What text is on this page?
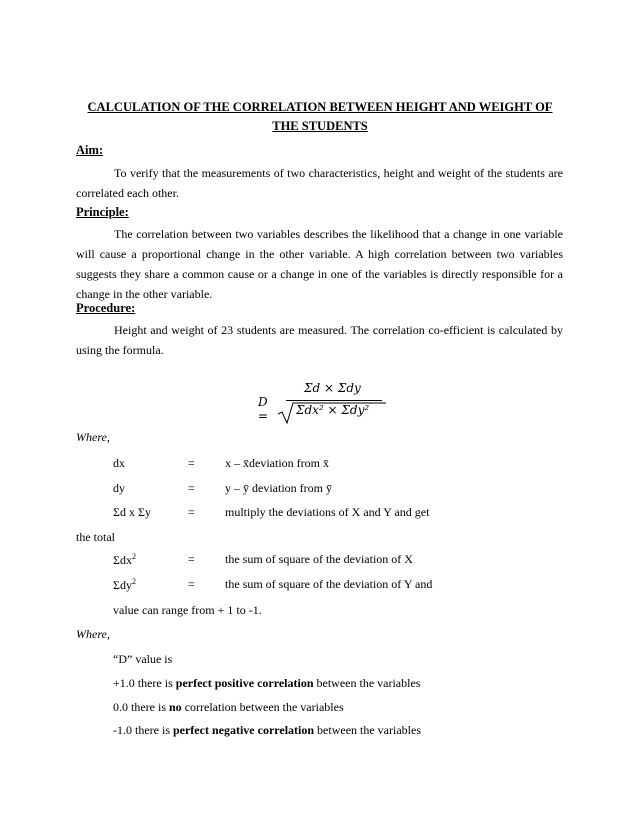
CALCULATION OF THE CORRELATION BETWEEN HEIGHT AND WEIGHT OF THE STUDENTS
Aim:
To verify that the measurements of two characteristics, height and weight of the students are correlated each other.
Principle:
The correlation between two variables describes the likelihood that a change in one variable will cause a proportional change in the other variable. A high correlation between two variables suggests they share a common cause or a change in one of the variables is directly responsible for a change in the other variable.
Procedure:
Height and weight of 23 students are measured. The correlation co-efficient is calculated by using the formula.
D =
Σd × Σdy
Σdx² × Σdy²
Where,
dx	=	x – x̄deviation from x̄
dy	=	y – ȳ deviation from ȳ
Σd x Σy	=	multiply the deviations of X and Y and get
the total
Σdx$^2$	=	the sum of square of the deviation of X
Σdy$^2$	=	the sum of square of the deviation of Y and
value can range from + 1 to -1.
Where,
“D” value is
+1.0 there is perfect positive correlation between the variables
0.0 there is no correlation between the variables
-1.0 there is perfect negative correlation between the variables
